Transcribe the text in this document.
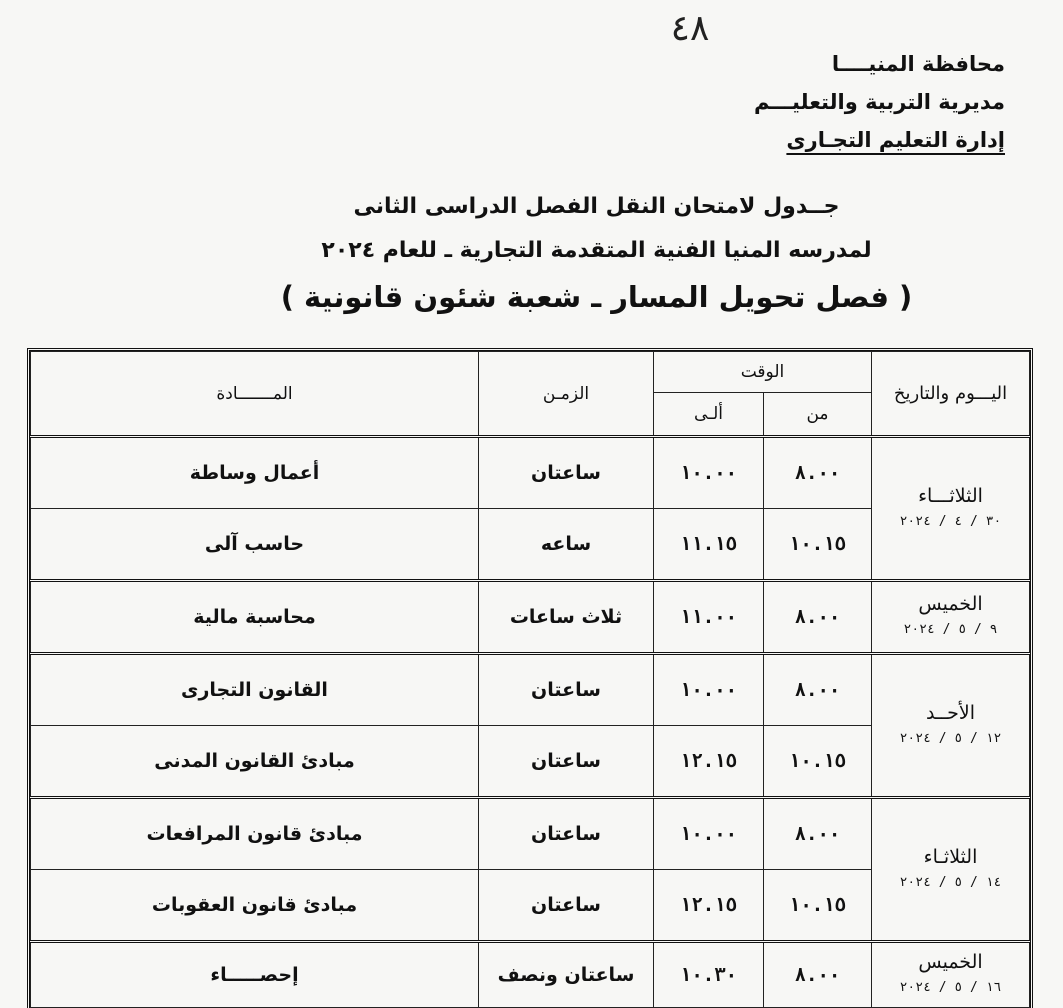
٤٨
محافظة المنيــــا
مديرية التربية والتعليـــم
إدارة التعليم التجـارى
جــدول لامتحان النقل الفصل الدراسى الثانى
لمدرسه المنيا الفنية المتقدمة التجارية ـ للعام ٢٠٢٤
( فصل تحويل المسار ـ شعبة شئون قانونية )
اليـــوم والتاريخ	الوقت		الزمـن	المـــــــادة
	من	ألـى		

الثلاثـــاء
٣٠ / ٤ / ٢٠٢٤	٨.٠٠	١٠.٠٠	ساعتان	أعمال وساطة
	١٠.١٥	١١.١٥	ساعه	حاسب آلى

الخميس
٩ / ٥ / ٢٠٢٤	٨.٠٠	١١.٠٠	ثلاث ساعات	محاسبة مالية

الأحــد
١٢ / ٥ / ٢٠٢٤	٨.٠٠	١٠.٠٠	ساعتان	القانون التجارى
	١٠.١٥	١٢.١٥	ساعتان	مبادئ القانون المدنى

الثلاثـاء
١٤ / ٥ / ٢٠٢٤	٨.٠٠	١٠.٠٠	ساعتان	مبادئ قانون المرافعات
	١٠.١٥	١٢.١٥	ساعتان	مبادئ قانون العقوبات

الخميس
١٦ / ٥ / ٢٠٢٤	٨.٠٠	١٠.٣٠	ساعتان ونصف	إحصـــــاء
